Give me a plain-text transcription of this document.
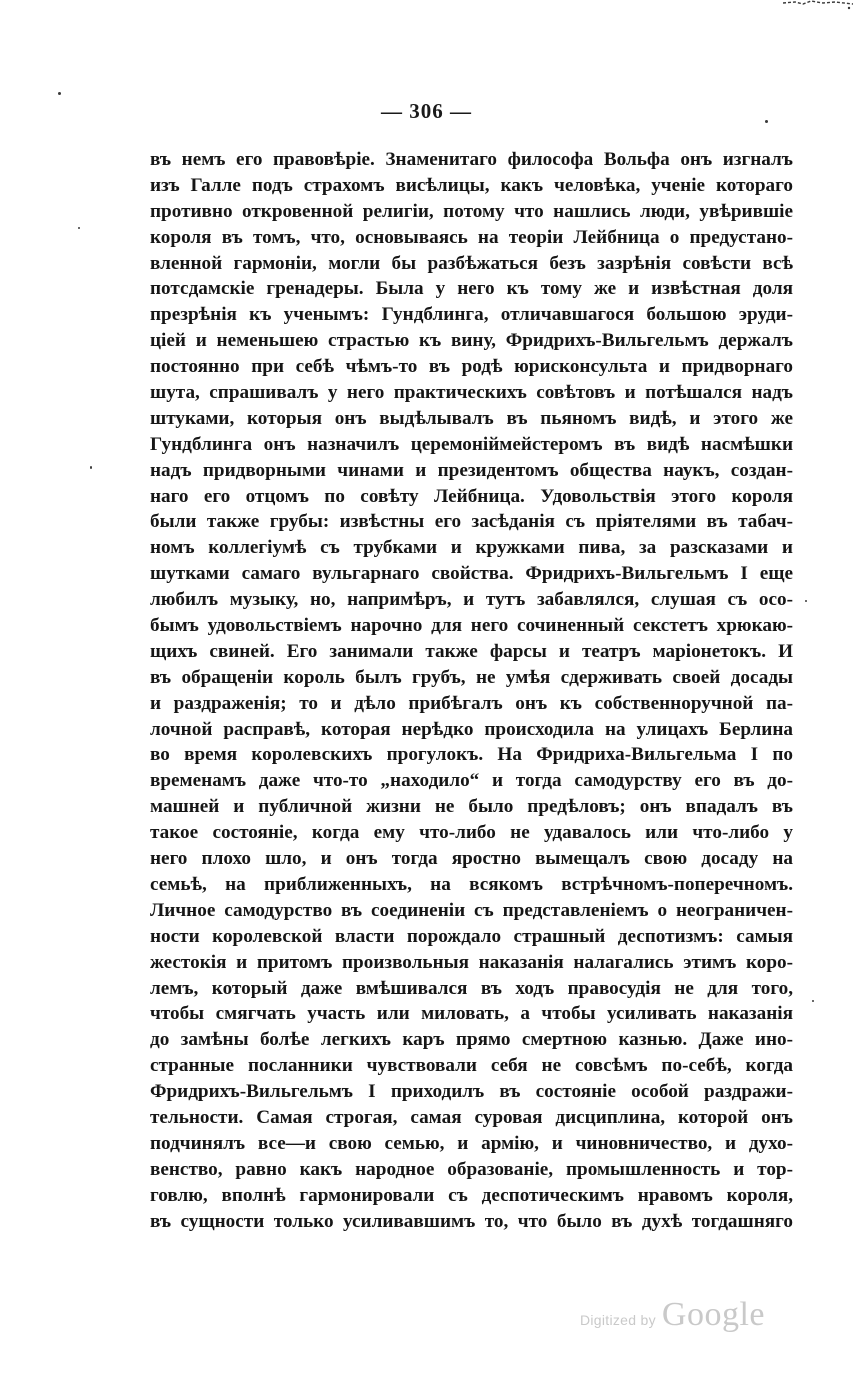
— 306 —
въ немъ его правовѣріе. Знаменитаго философа Вольфа онъ изгналъ
изъ Галле подъ страхомъ висѣлицы, какъ человѣка, ученіе котораго
противно откровенной религіи, потому что нашлись люди, увѣрившіе
короля въ томъ, что, основываясь на теоріи Лейбница о предустано-
вленной гармоніи, могли бы разбѣжаться безъ зазрѣнія совѣсти всѣ
потсдамскіе гренадеры. Была у него къ тому же и извѣстная доля
презрѣнія къ ученымъ: Гундблинга, отличавшагося большою эруди-
ціей и неменьшею страстью къ вину, Фридрихъ-Вильгельмъ держалъ
постоянно при себѣ чѣмъ-то въ родѣ юрисконсульта и придворнаго
шута, спрашивалъ у него практическихъ совѣтовъ и потѣшался надъ
штуками, которыя онъ выдѣлывалъ въ пьяномъ видѣ, и этого же
Гундблинга онъ назначилъ церемоніймейстеромъ въ видѣ насмѣшки
надъ придворными чинами и президентомъ общества наукъ, создан-
наго его отцомъ по совѣту Лейбница. Удовольствія этого короля
были также грубы: извѣстны его засѣданія съ пріятелями въ табач-
номъ коллегіумѣ съ трубками и кружками пива, за разсказами и
шутками самаго вульгарнаго свойства. Фридрихъ-Вильгельмъ I еще
любилъ музыку, но, напримѣръ, и тутъ забавлялся, слушая съ осо-
бымъ удовольствіемъ нарочно для него сочиненный секстетъ хрюкаю-
щихъ свиней. Его занимали также фарсы и театръ маріонетокъ. И
въ обращеніи король былъ грубъ, не умѣя сдерживать своей досады
и раздраженія; то и дѣло прибѣгалъ онъ къ собственноручной па-
лочной расправѣ, которая нерѣдко происходила на улицахъ Берлина
во время королевскихъ прогулокъ. На Фридриха-Вильгельма I по
временамъ даже что-то „находило“ и тогда самодурству его въ до-
машней и публичной жизни не было предѣловъ; онъ впадалъ въ
такое состояніе, когда ему что-либо не удавалось или что-либо у
него плохо шло, и онъ тогда яростно вымещалъ свою досаду на
семьѣ, на приближенныхъ, на всякомъ встрѣчномъ-поперечномъ.
Личное самодурство въ соединеніи съ представленіемъ о неограничен-
ности королевской власти порождало страшный деспотизмъ: самыя
жестокія и притомъ произвольныя наказанія налагались этимъ коро-
лемъ, который даже вмѣшивался въ ходъ правосудія не для того,
чтобы смягчать участь или миловать, а чтобы усиливать наказанія
до замѣны болѣе легкихъ каръ прямо смертною казнью. Даже ино-
странные посланники чувствовали себя не совсѣмъ по-себѣ, когда
Фридрихъ-Вильгельмъ I приходилъ въ состояніе особой раздражи-
тельности. Самая строгая, самая суровая дисциплина, которой онъ
подчинялъ все—и свою семью, и армію, и чиновничество, и духо-
венство, равно какъ народное образованіе, промышленность и тор-
говлю, вполнѣ гармонировали съ деспотическимъ нравомъ короля,
въ сущности только усиливавшимъ то, что было въ духѣ тогдашняго
Digitized by Google
